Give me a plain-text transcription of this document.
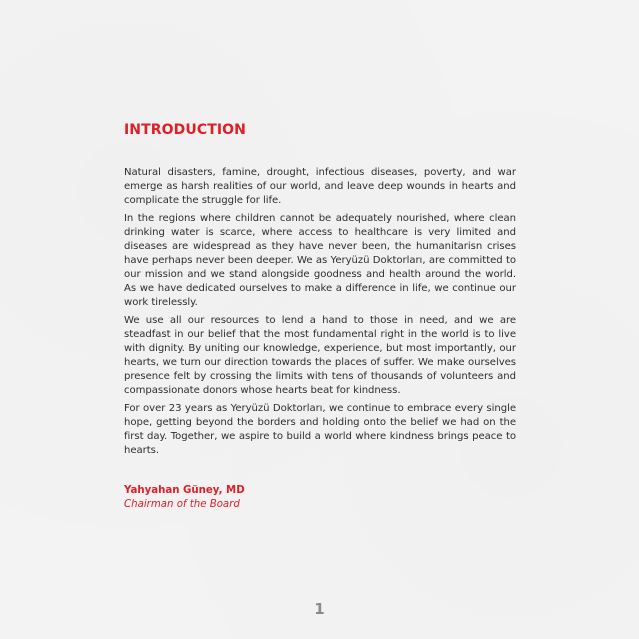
INTRODUCTION

Natural disasters, famine, drought, infectious diseases, poverty, and war emerge as harsh realities of our world, and leave deep wounds in hearts and complicate the struggle for life.

In the regions where children cannot be adequately nourished, where clean drinking water is scarce, where access to healthcare is very limited and diseases are widespread as they have never been, the humanitarisn crises have perhaps never been deeper. We as Yeryüzü Doktorları, are committed to our mission and we stand alongside goodness and health around the world. As we have dedicated ourselves to make a difference in life, we continue our work tirelessly.

We use all our resources to lend a hand to those in need, and we are steadfast in our belief that the most fundamental right in the world is to live with dignity. By uniting our knowledge, experience, but most importantly, our hearts, we turn our direction towards the places of suffer. We make ourselves presence felt by crossing the limits with tens of thousands of volunteers and compassionate donors whose hearts beat for kindness.

For over 23 years as Yeryüzü Doktorları, we continue to embrace every single hope, getting beyond the borders and holding onto the belief we had on the first day. Together, we aspire to build a world where kindness brings peace to hearts.

Yahyahan Güney, MD
Chairman of the Board
1
